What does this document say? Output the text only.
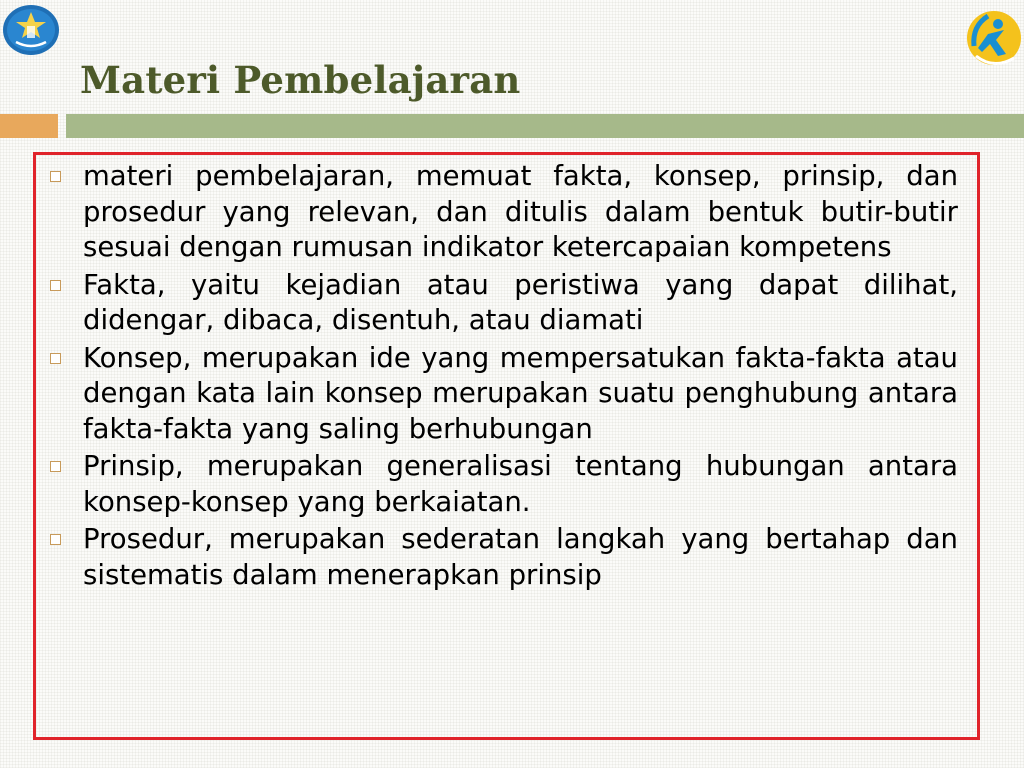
Materi Pembelajaran
materi pembelajaran, memuat fakta, konsep, prinsip, dan prosedur yang relevan, dan ditulis dalam bentuk butir-butir sesuai dengan rumusan indikator ketercapaian kompetens
Fakta, yaitu kejadian atau peristiwa yang dapat dilihat, didengar, dibaca, disentuh, atau diamati
Konsep, merupakan ide yang mempersatukan fakta-fakta atau dengan kata lain konsep merupakan suatu penghubung antara fakta-fakta yang saling berhubungan
Prinsip, merupakan generalisasi tentang hubungan antara konsep-konsep yang berkaiatan.
Prosedur, merupakan sederatan langkah yang bertahap dan sistematis dalam menerapkan prinsip
